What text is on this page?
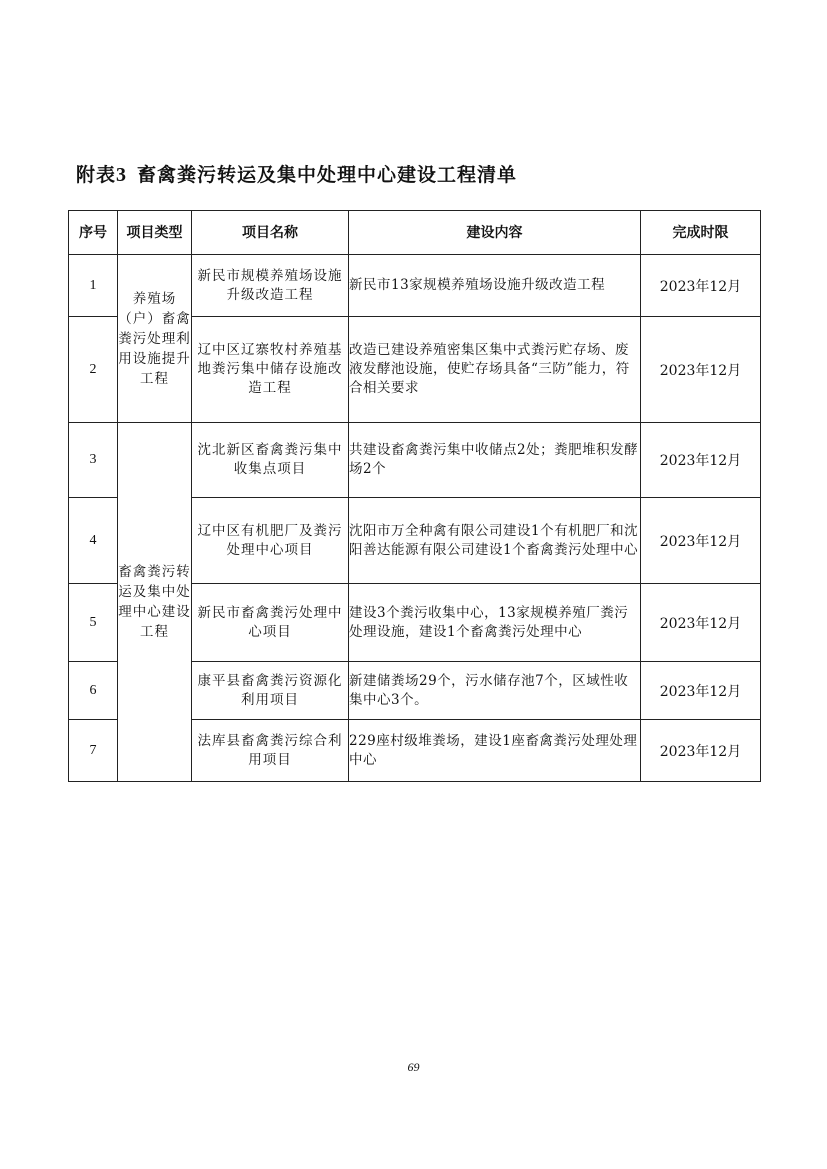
附表3 畜禽粪污转运及集中处理中心建设工程清单
序号	项目类型	项目名称	建设内容	完成时限
1	养殖场（户）畜禽粪污处理利用设施提升工程	新民市规模养殖场设施升级改造工程	新民市13家规模养殖场设施升级改造工程	2023年12月
2		辽中区辽寨牧村养殖基地粪污集中储存设施改造工程	改造已建设养殖密集区集中式粪污贮存场、废液发酵池设施，使贮存场具备“三防”能力，符合相关要求	2023年12月
3	畜禽粪污转运及集中处理中心建设工程	沈北新区畜禽粪污集中收集点项目	共建设畜禽粪污集中收储点2处；粪肥堆积发酵场2个	2023年12月
4		辽中区有机肥厂及粪污处理中心项目	沈阳市万全种禽有限公司建设1个有机肥厂和沈阳善达能源有限公司建设1个畜禽粪污处理中心	2023年12月
5		新民市畜禽粪污处理中心项目	建设3个粪污收集中心，13家规模养殖厂粪污处理设施，建设1个畜禽粪污处理中心	2023年12月
6		康平县畜禽粪污资源化利用项目	新建储粪场29个，污水储存池7个，区域性收集中心3个。	2023年12月
7		法库县畜禽粪污综合利用项目	229座村级堆粪场，建设1座畜禽粪污处理处理中心	2023年12月
69
